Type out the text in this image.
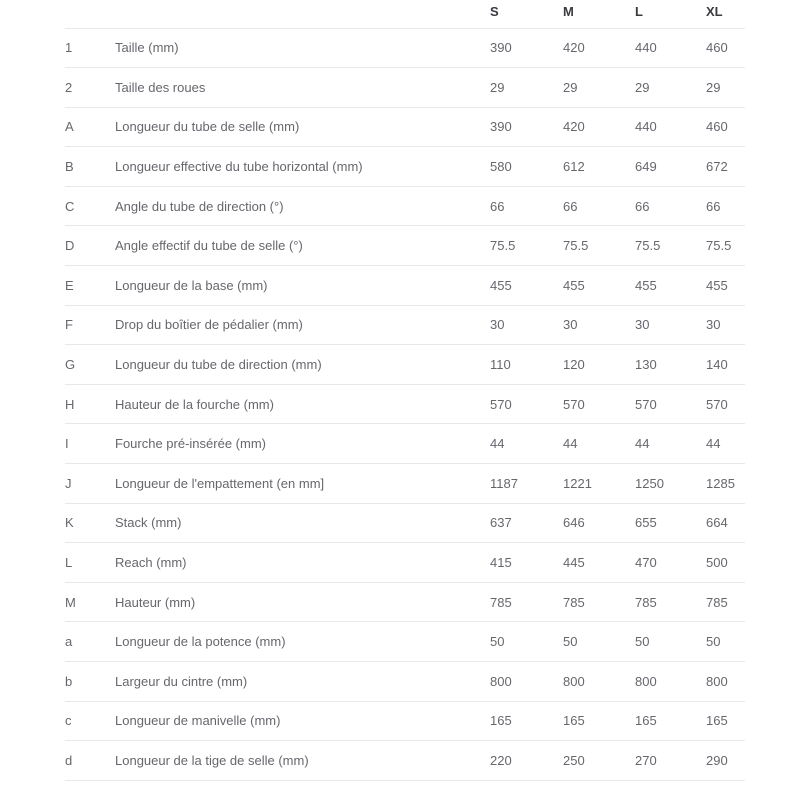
		S	M	L	XL
1	Taille (mm)	390	420	440	460
2	Taille des roues	29	29	29	29
A	Longueur du tube de selle (mm)	390	420	440	460
B	Longueur effective du tube horizontal (mm)	580	612	649	672
C	Angle du tube de direction (°)	66	66	66	66
D	Angle effectif du tube de selle (°)	75.5	75.5	75.5	75.5
E	Longueur de la base (mm)	455	455	455	455
F	Drop du boîtier de pédalier (mm)	30	30	30	30
G	Longueur du tube de direction (mm)	110	120	130	140
H	Hauteur de la fourche (mm)	570	570	570	570
I	Fourche pré-insérée (mm)	44	44	44	44
J	Longueur de l'empattement (en mm]	1187	1221	1250	1285
K	Stack (mm)	637	646	655	664
L	Reach (mm)	415	445	470	500
M	Hauteur (mm)	785	785	785	785
a	Longueur de la potence (mm)	50	50	50	50
b	Largeur du cintre (mm)	800	800	800	800
c	Longueur de manivelle (mm)	165	165	165	165
d	Longueur de la tige de selle (mm)	220	250	270	290
